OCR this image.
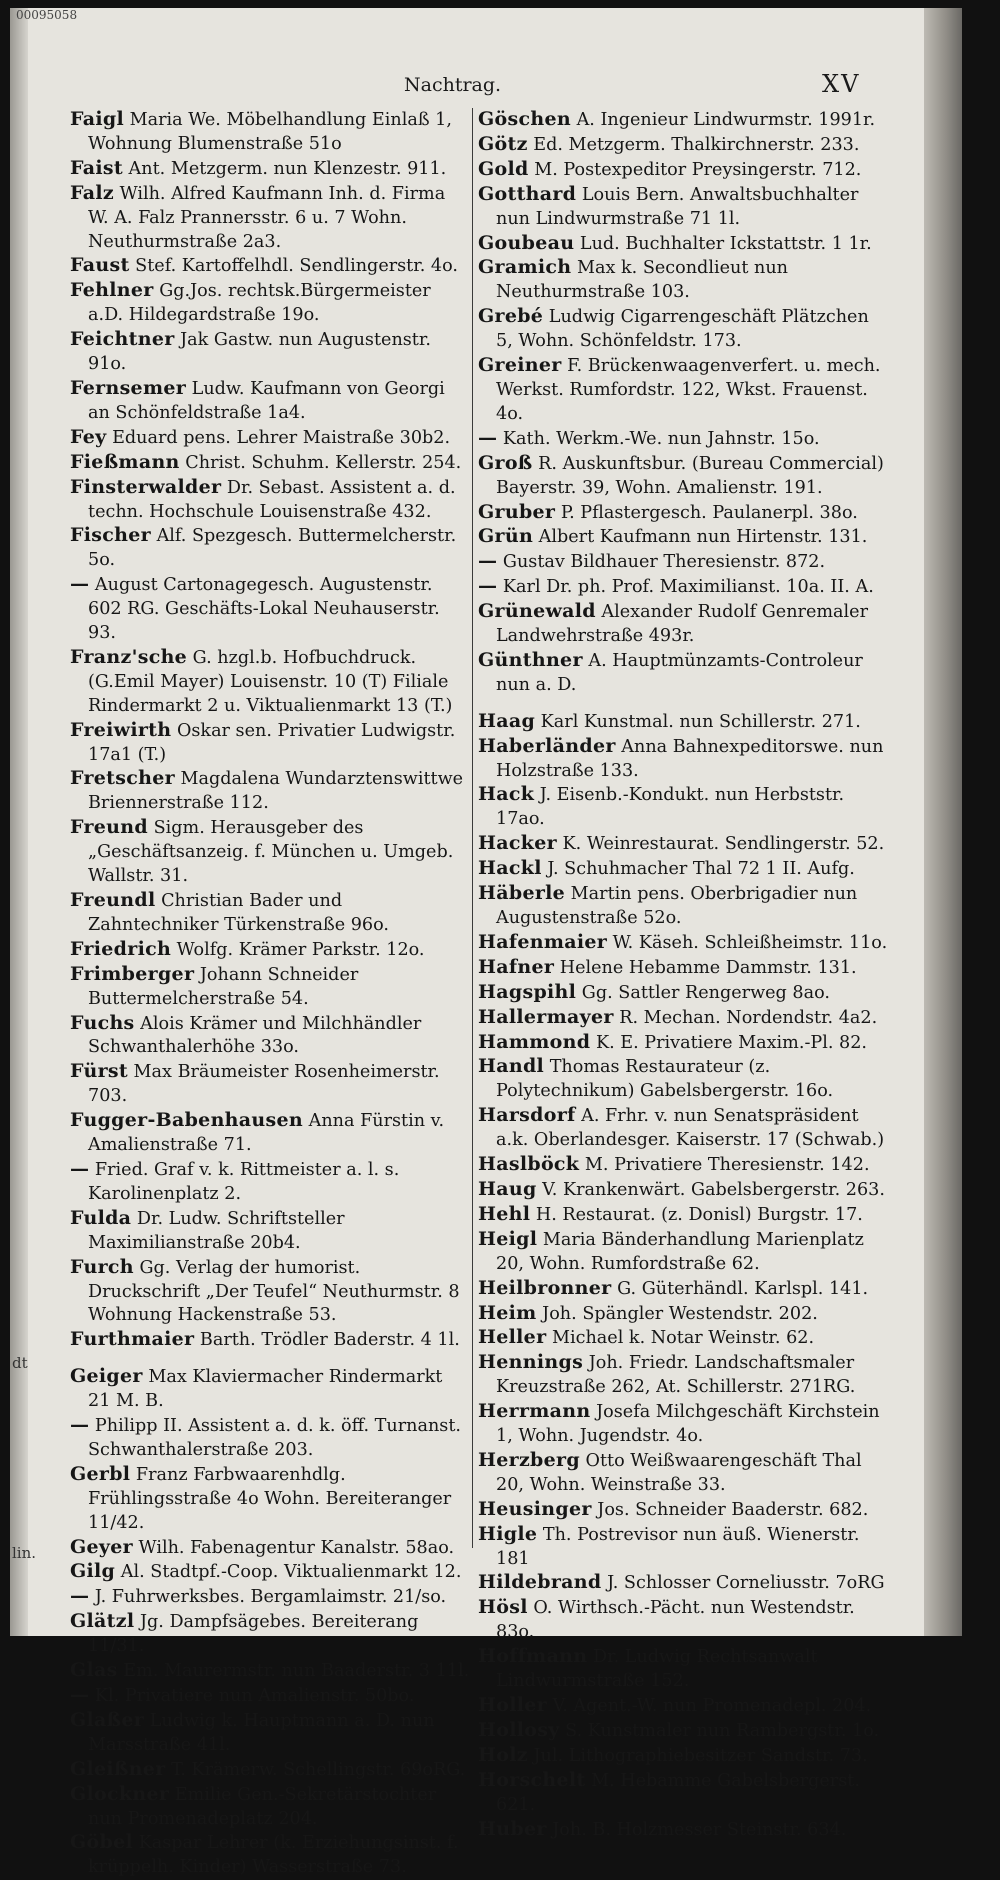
00095058
Nachtrag.	XV
dt
lin.

Faigl Maria We. Möbelhandlung Einlaß 1, Wohnung Blumenstraße 51o

Faist Ant. Metzgerm. nun Klenzestr. 911.

Falz Wilh. Alfred Kaufmann Inh. d. Firma W. A. Falz Prannersstr. 6 u. 7 Wohn. Neuthurmstraße 2a3.

Faust Stef. Kartoffelhdl. Sendlingerstr. 4o.

Fehlner Gg.Jos. rechtsk.Bürgermeister a.D. Hildegardstraße 19o.

Feichtner Jak Gastw. nun Augustenstr. 91o.

Fernsemer Ludw. Kaufmann von Georgi an Schönfeldstraße 1a4.

Fey Eduard pens. Lehrer Maistraße 30b2.

Fießmann Christ. Schuhm. Kellerstr. 254.

Finsterwalder Dr. Sebast. Assistent a. d. techn. Hochschule Louisenstraße 432.

Fischer Alf. Spezgesch. Buttermelcherstr. 5o.

— August Cartonagegesch. Augustenstr. 602 RG. Geschäfts-Lokal Neuhauserstr. 93.

Franz'sche G. hzgl.b. Hofbuchdruck. (G.Emil Mayer) Louisenstr. 10 (T) Filiale Rindermarkt 2 u. Viktualienmarkt 13 (T.)

Freiwirth Oskar sen. Privatier Ludwigstr. 17a1 (T.)

Fretscher Magdalena Wundarztenswittwe Briennerstraße 112.

Freund Sigm. Herausgeber des „Geschäftsanzeig. f. München u. Umgeb. Wallstr. 31.

Freundl Christian Bader und Zahntechniker Türkenstraße 96o.

Friedrich Wolfg. Krämer Parkstr. 12o.

Frimberger Johann Schneider Buttermelcherstraße 54.

Fuchs Alois Krämer und Milchhändler Schwanthalerhöhe 33o.

Fürst Max Bräumeister Rosenheimerstr. 703.

Fugger-Babenhausen Anna Fürstin v. Amalienstraße 71.

— Fried. Graf v. k. Rittmeister a. l. s. Karolinenplatz 2.

Fulda Dr. Ludw. Schriftsteller Maximilianstraße 20b4.

Furch Gg. Verlag der humorist. Druckschrift „Der Teufel“ Neuthurmstr. 8 Wohnung Hackenstraße 53.

Furthmaier Barth. Trödler Baderstr. 4 1l.

Geiger Max Klaviermacher Rindermarkt 21 M. B.

— Philipp II. Assistent a. d. k. öff. Turnanst. Schwanthalerstraße 203.

Gerbl Franz Farbwaarenhdlg. Frühlingsstraße 4o Wohn. Bereiteranger 11/42.

Geyer Wilh. Fabenagentur Kanalstr. 58ao.

Gilg Al. Stadtpf.-Coop. Viktualienmarkt 12.

— J. Fuhrwerksbes. Bergamlaimstr. 21/so.

Glätzl Jg. Dampfsägebes. Bereiterang 11/31.

Glas Em. Maurermstr. nun Baaderstr. 3 11l.

— Kl. Privatiere nun Amalienstr. 50bo.

Glaßer Ludwig k. Hauptmann a. D. nun Marsstraße 41l.

Gleißner T. Krämerw. Schellingstr. 69oRG.

Glockner Emilie Gen.-Sekretärstochter nun Promenadeplatz 204.

Göbel Kaspar Lehrer (k. Erziehungsinst. f. krüppelh. Kinder) Wasserstraße 73.

Göschen A. Ingenieur Lindwurmstr. 1991r.

Götz Ed. Metzgerm. Thalkirchnerstr. 233.

Gold M. Postexpeditor Preysingerstr. 712.

Gotthard Louis Bern. Anwaltsbuchhalter nun Lindwurmstraße 71 1l.

Goubeau Lud. Buchhalter Ickstattstr. 1 1r.

Gramich Max k. Secondlieut nun Neuthurmstraße 103.

Grebé Ludwig Cigarrengeschäft Plätzchen 5, Wohn. Schönfeldstr. 173.

Greiner F. Brückenwaagenverfert. u. mech. Werkst. Rumfordstr. 122, Wkst. Frauenst. 4o.

— Kath. Werkm.-We. nun Jahnstr. 15o.

Groß R. Auskunftsbur. (Bureau Commercial) Bayerstr. 39, Wohn. Amalienstr. 191.

Gruber P. Pflastergesch. Paulanerpl. 38o.

Grün Albert Kaufmann nun Hirtenstr. 131.

— Gustav Bildhauer Theresienstr. 872.

— Karl Dr. ph. Prof. Maximilianst. 10a. II. A.

Grünewald Alexander Rudolf Genremaler Landwehrstraße 493r.

Günthner A. Hauptmünzamts-Controleur nun a. D.

Haag Karl Kunstmal. nun Schillerstr. 271.

Haberländer Anna Bahnexpeditorswe. nun Holzstraße 133.

Hack J. Eisenb.-Kondukt. nun Herbststr. 17ao.

Hacker K. Weinrestaurat. Sendlingerstr. 52.

Hackl J. Schuhmacher Thal 72 1 II. Aufg.

Häberle Martin pens. Oberbrigadier nun Augustenstraße 52o.

Hafenmaier W. Käseh. Schleißheimstr. 11o.

Hafner Helene Hebamme Dammstr. 131.

Hagspihl Gg. Sattler Rengerweg 8ao.

Hallermayer R. Mechan. Nordendstr. 4a2.

Hammond K. E. Privatiere Maxim.-Pl. 82.

Handl Thomas Restaurateur (z. Polytechnikum) Gabelsbergerstr. 16o.

Harsdorf A. Frhr. v. nun Senatspräsident a.k. Oberlandesger. Kaiserstr. 17 (Schwab.)

Haslböck M. Privatiere Theresienstr. 142.

Haug V. Krankenwärt. Gabelsbergerstr. 263.

Hehl H. Restaurat. (z. Donisl) Burgstr. 17.

Heigl Maria Bänderhandlung Marienplatz 20, Wohn. Rumfordstraße 62.

Heilbronner G. Güterhändl. Karlspl. 141.

Heim Joh. Spängler Westendstr. 202.

Heller Michael k. Notar Weinstr. 62.

Hennings Joh. Friedr. Landschaftsmaler Kreuzstraße 262, At. Schillerstr. 271RG.

Herrmann Josefa Milchgeschäft Kirchstein 1, Wohn. Jugendstr. 4o.

Herzberg Otto Weißwaarengeschäft Thal 20, Wohn. Weinstraße 33.

Heusinger Jos. Schneider Baaderstr. 682.

Higle Th. Postrevisor nun äuß. Wienerstr. 181

Hildebrand J. Schlosser Corneliusstr. 7oRG

Hösl O. Wirthsch.-Pächt. nun Westendstr. 83o.

Hoffmann Dr. Ludwig Rechtsanwalt Lindwurmstraße 152.

Holler V. Agent.-W. nun Promenadepl. 204.

Hollosy S. Kunstmaler nun Rambergstr. 1o.

Holz Jul. Lithographiebesitzer Sandstr. 73.

Horschelt M. Hebamme Gabelsbergerst. 621.

Huber Joh. B. Holzmesser Steinstr. 634.
